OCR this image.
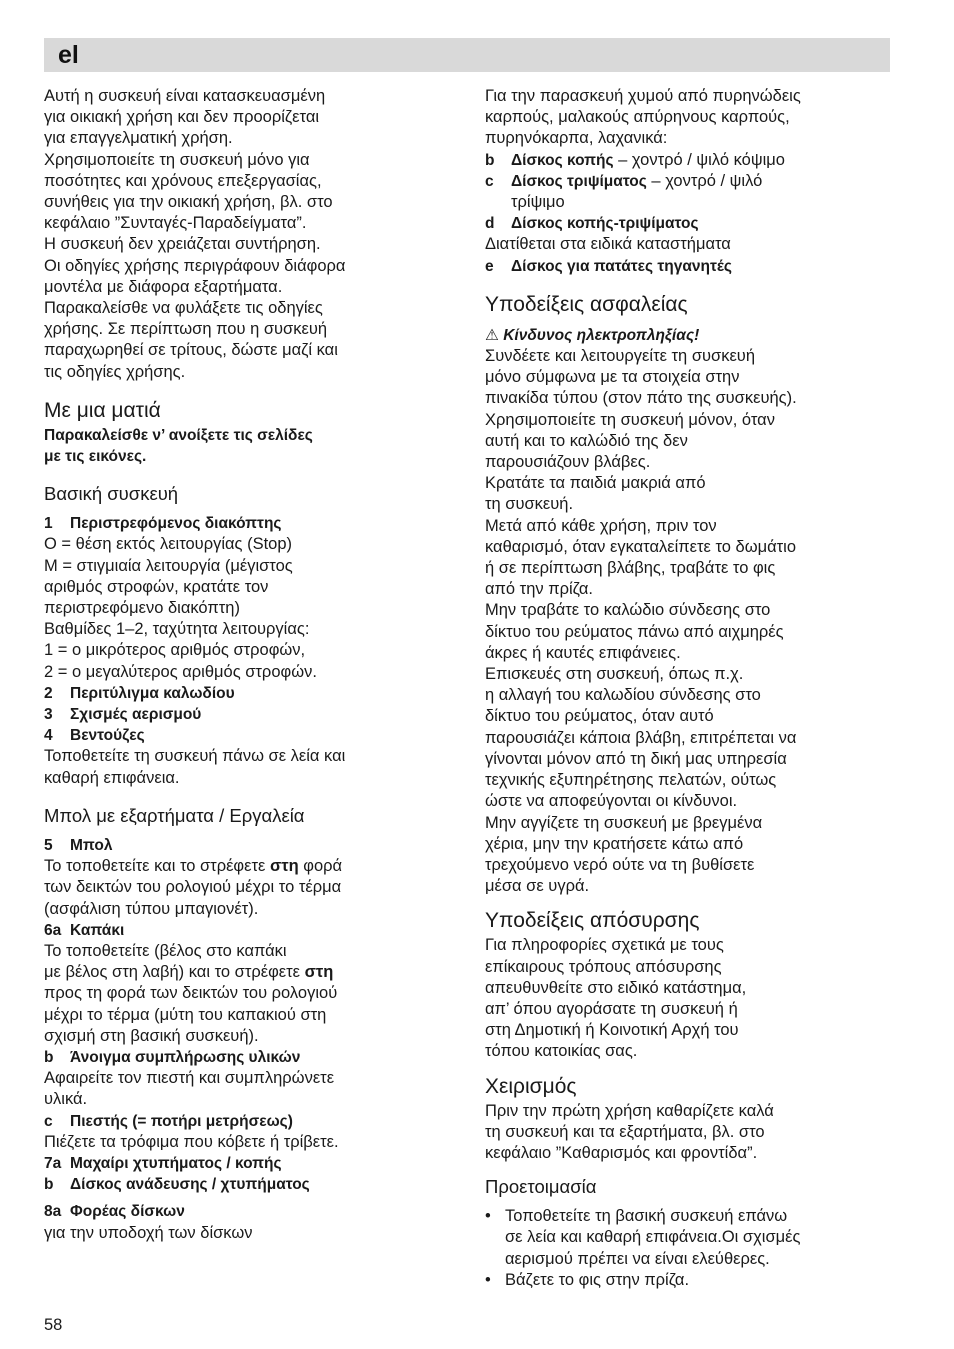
el

Αυτή η συσκευή είναι κατασκευασμένη

για οικιακή χρήση και δεν προορίζεται

για επαγγελματική χρήση.

Χρησιμοποιείτε τη συσκευή μόνο για

ποσότητες και χρόνους επεξεργασίας,

συνήθεις για την οικιακή χρήση, βλ. στο

κεφάλαιο ”Συνταγές-Παραδείγματα”.

Η συσκευή δεν χρειάζεται συντήρηση.

Οι οδηγίες χρήσης περιγράφουν διάφορα

μοντέλα με διάφορα εξαρτήματα.

Παρακαλείσθε να φυλάξετε τις οδηγίες

χρήσης. Σε περίπτωση που η συσκευή

παραχωρηθεί σε τρίτους, δώστε μαζί και

τις οδηγίες χρήσης.

Με μια ματιά

Παρακαλείσθε ν’ ανοίξετε τις σελίδες

με τις εικόνες.

Βασική συσκευή

1 Περιστρεφόμενος διακόπτης

O = θέση εκτός λειτουργίας (Stop)

M = στιγμιαία λειτουργία (μέγιστος

αριθμός στροφών, κρατάτε τον

περιστρεφόμενο διακόπτη)

Βαθμίδες 1–2, ταχύτητα λειτουργίας:

1 = ο μικρότερος αριθμός στροφών,

2 = ο μεγαλύτερος αριθμός στροφών.

2 Περιτύλιγμα καλωδίου

3 Σχισμές αερισμού

4 Βεντούζες

Τοποθετείτε τη συσκευή πάνω σε λεία και

καθαρή επιφάνεια.

Μπολ με εξαρτήματα / Εργαλεία

5 Μπολ

Το τοποθετείτε και το στρέφετε στη φορά

των δεικτών του ρολογιού μέχρι το τέρμα

(ασφάλιση τύπου μπαγιονέτ).

6a Καπάκι

Το τοποθετείτε (βέλος στο καπάκι

με βέλος στη λαβή) και το στρέφετε στη

προς τη φορά των δεικτών του ρολογιού

μέχρι το τέρμα (μύτη του καπακιού στη

σχισμή στη βασική συσκευή).

b Άνοιγμα συμπλήρωσης υλικών

Αφαιρείτε τον πιεστή και συμπληρώνετε

υλικά.

c Πιεστής (= ποτήρι μετρήσεως)

Πιέζετε τα τρόφιμα που κόβετε ή τρίβετε.

7a Μαχαίρι χτυπήματος / κοπής

b Δίσκος ανάδευσης / χτυπήματος

8a Φορέας δίσκων

για την υποδοχή των δίσκων

Για την παρασκευή χυμού από πυρηνώδεις

καρπούς, μαλακούς απύρηνους καρπούς,

πυρηνόκαρπα, λαχανικά:

b Δίσκος κοπής – χοντρό / ψιλό κόψιμο

c Δίσκος τριψίματος – χοντρό / ψιλό

τρίψιμο

d Δίσκος κοπής-τριψίματος

Διατίθεται στα ειδικά καταστήματα

e Δίσκος για πατάτες τηγανητές

Υποδείξεις ασφαλείας

⚠ Κίνδυνος ηλεκτροπληξίας!

Συνδέετε και λειτουργείτε τη συσκευή

μόνο σύμφωνα με τα στοιχεία στην

πινακίδα τύπου (στον πάτο της συσκευής).

Χρησιμοποιείτε τη συσκευή μόνον, όταν

αυτή και το καλώδιό της δεν

παρουσιάζουν βλάβες.

Κρατάτε τα παιδιά μακριά από

τη συσκευή.

Μετά από κάθε χρήση, πριν τον

καθαρισμό, όταν εγκαταλείπετε το δωμάτιο

ή σε περίπτωση βλάβης, τραβάτε το φις

από την πρίζα.

Μην τραβάτε το καλώδιο σύνδεσης στο

δίκτυο του ρεύματος πάνω από αιχμηρές

άκρες ή καυτές επιφάνειες.

Επισκευές στη συσκευή, όπως π.χ.

η αλλαγή του καλωδίου σύνδεσης στο

δίκτυο του ρεύματος, όταν αυτό

παρουσιάζει κάποια βλάβη, επιτρέπεται να

γίνονται μόνον από τη δική μας υπηρεσία

τεχνικής εξυπηρέτησης πελατών, ούτως

ώστε να αποφεύγονται οι κίνδυνοι.

Μην αγγίζετε τη συσκευή με βρεγμένα

χέρια, μην την κρατήσετε κάτω από

τρεχούμενο νερό ούτε να τη βυθίσετε

μέσα σε υγρά.

Υποδείξεις απόσυρσης

Για πληροφορίες σχετικά με τους

επίκαιρους τρόπους απόσυρσης

απευθυνθείτε στο ειδικό κατάστημα,

απ’ όπου αγοράσατε τη συσκευή ή

στη Δημοτική ή Κοινοτική Αρχή του

τόπου κατοικίας σας.

Χειρισμός

Πριν την πρώτη χρήση καθαρίζετε καλά

τη συσκευή και τα εξαρτήματα, βλ. στο

κεφάλαιο ”Καθαρισμός και φροντίδα”.

Προετοιμασία

• Τοποθετείτε τη βασική συσκευή επάνω

σε λεία και καθαρή επιφάνεια.Οι σχισμές

αερισμού πρέπει να είναι ελεύθερες.

• Βάζετε το φις στην πρίζα.

58
